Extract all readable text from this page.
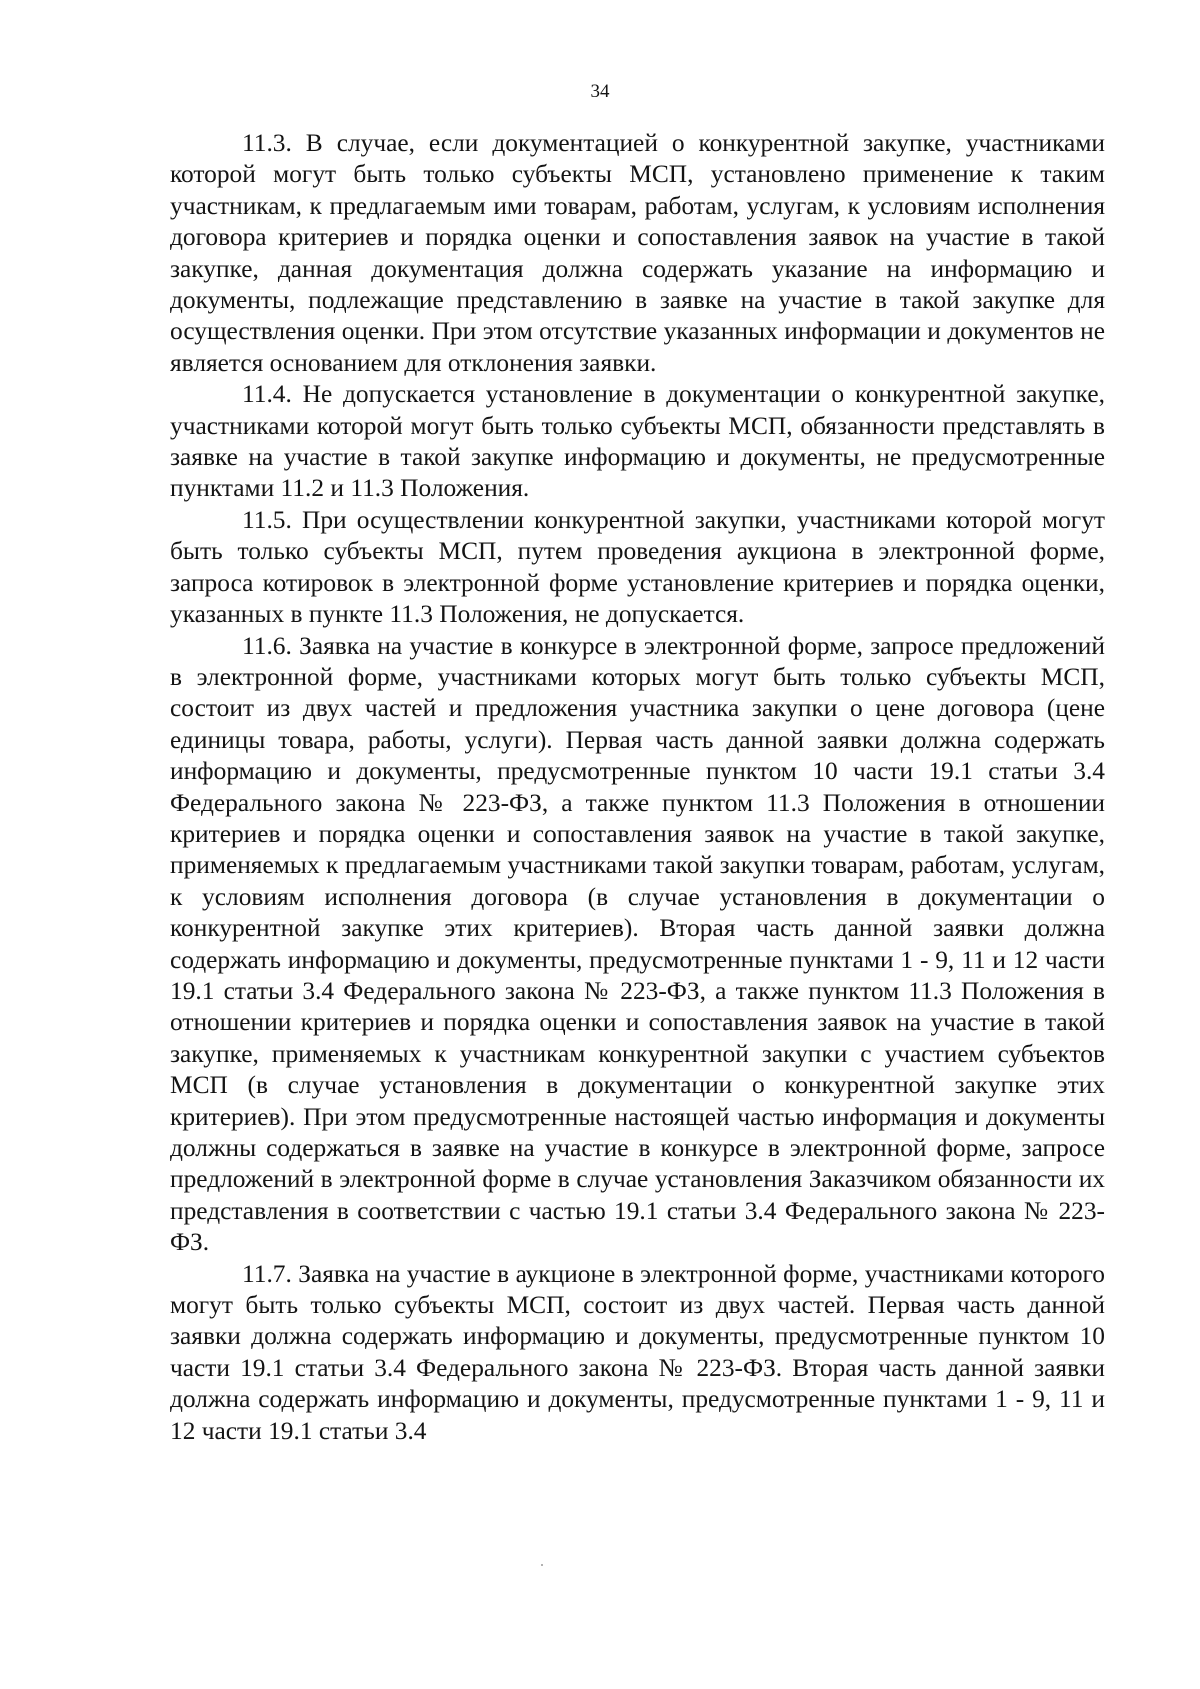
34

11.3. В случае, если документацией о конкурентной закупке, участниками которой могут быть только субъекты МСП, установлено применение к таким участникам, к предлагаемым ими товарам, работам, услугам, к условиям исполнения договора критериев и порядка оценки и сопоставления заявок на участие в такой закупке, данная документация должна содержать указание на информацию и документы, подлежащие представлению в заявке на участие в такой закупке для осуществления оценки. При этом отсутствие указанных информации и документов не является основанием для отклонения заявки.

11.4. Не допускается установление в документации о конкурентной закупке, участниками которой могут быть только субъекты МСП, обязанности представлять в заявке на участие в такой закупке информацию и документы, не предусмотренные пунктами 11.2 и 11.3 Положения.

11.5. При осуществлении конкурентной закупки, участниками которой могут быть только субъекты МСП, путем проведения аукциона в электронной форме, запроса котировок в электронной форме установление критериев и порядка оценки, указанных в пункте 11.3 Положения, не допускается.

11.6. Заявка на участие в конкурсе в электронной форме, запросе предложений в электронной форме, участниками которых могут быть только субъекты МСП, состоит из двух частей и предложения участника закупки о цене договора (цене единицы товара, работы, услуги). Первая часть данной заявки должна содержать информацию и документы, предусмотренные пунктом 10 части 19.1 статьи 3.4 Федерального закона № 223-ФЗ, а также пунктом 11.3 Положения в отношении критериев и порядка оценки и сопоставления заявок на участие в такой закупке, применяемых к предлагаемым участниками такой закупки товарам, работам, услугам, к условиям исполнения договора (в случае установления в документации о конкурентной закупке этих критериев). Вторая часть данной заявки должна содержать информацию и документы, предусмотренные пунктами 1 - 9, 11 и 12 части 19.1 статьи 3.4 Федерального закона № 223-ФЗ, а также пунктом 11.3 Положения в отношении критериев и порядка оценки и сопоставления заявок на участие в такой закупке, применяемых к участникам конкурентной закупки с участием субъектов МСП (в случае установления в документации о конкурентной закупке этих критериев). При этом предусмотренные настоящей частью информация и документы должны содержаться в заявке на участие в конкурсе в электронной форме, запросе предложений в электронной форме в случае установления Заказчиком обязанности их представления в соответствии с частью 19.1 статьи 3.4 Федерального закона № 223-ФЗ.

11.7. Заявка на участие в аукционе в электронной форме, участниками которого могут быть только субъекты МСП, состоит из двух частей. Первая часть данной заявки должна содержать информацию и документы, предусмотренные пунктом 10 части 19.1 статьи 3.4 Федерального закона № 223-ФЗ. Вторая часть данной заявки должна содержать информацию и документы, предусмотренные пунктами 1 - 9, 11 и 12 части 19.1 статьи 3.4
